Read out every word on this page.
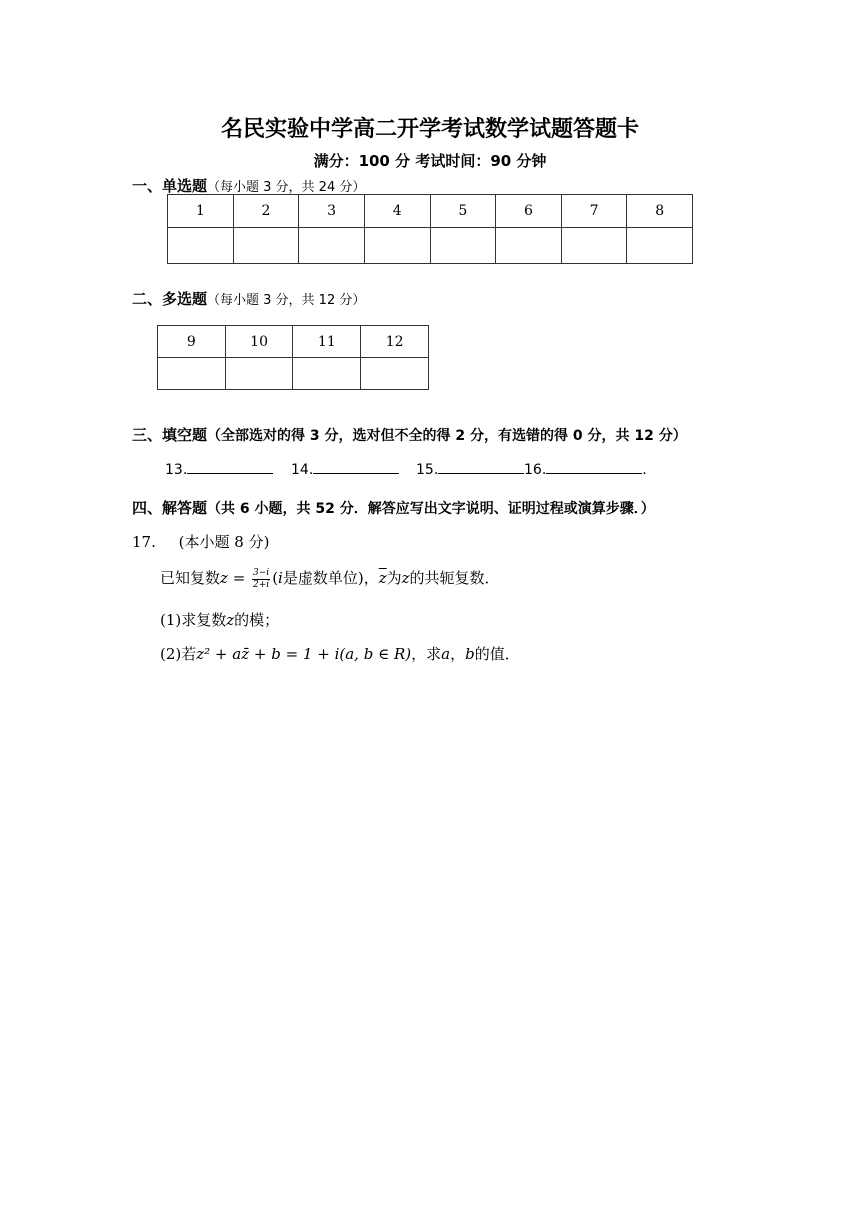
名民实验中学高二开学考试数学试题答题卡
满分：100 分 考试时间：90 分钟
一、单选题（每小题 3 分，共 24 分）
1	2	3	4	5	6	7	8

二、多选题（每小题 3 分，共 12 分）
9	10	11	12

三、填空题（全部选对的得 3 分，选对但不全的得 2 分，有选错的得 0 分，共 12 分）
13.	14.	15.	16.	.
四、解答题（共 6 小题，共 52 分．解答应写出文字说明、证明过程或演算步骤．）
17. (本小题 8 分)
已知复数$z = \frac{3-i}{2+i} (i$是虚数单位)，$\overline{z}$为z的共轭复数．
(1)求复数z的模；
(2)若z² + az̄ + b = 1 + i(a, b ∈ R)，求a，b的值．
